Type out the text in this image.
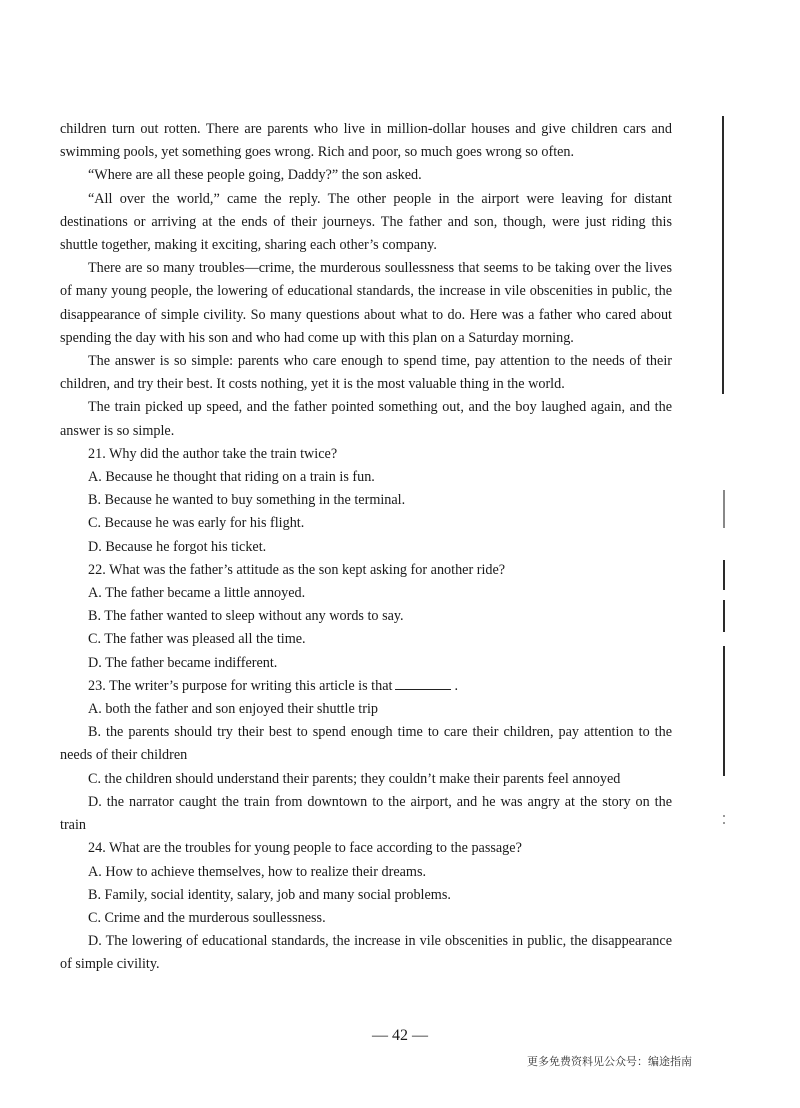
children turn out rotten. There are parents who live in million-dollar houses and give children cars and swimming pools, yet something goes wrong. Rich and poor, so much goes wrong so often.

“Where are all these people going, Daddy?” the son asked.

“All over the world,” came the reply. The other people in the airport were leaving for distant destinations or arriving at the ends of their journeys. The father and son, though, were just riding this shuttle together, making it exciting, sharing each other’s company.

There are so many troubles—crime, the murderous soullessness that seems to be taking over the lives of many young people, the lowering of educational standards, the increase in vile obscenities in public, the disappearance of simple civility. So many questions about what to do. Here was a father who cared about spending the day with his son and who had come up with this plan on a Saturday morning.

The answer is so simple: parents who care enough to spend time, pay attention to the needs of their children, and try their best. It costs nothing, yet it is the most valuable thing in the world.

The train picked up speed, and the father pointed something out, and the boy laughed again, and the answer is so simple.

21. Why did the author take the train twice?

A. Because he thought that riding on a train is fun.

B. Because he wanted to buy something in the terminal.

C. Because he was early for his flight.

D. Because he forgot his ticket.

22. What was the father’s attitude as the son kept asking for another ride?

A. The father became a little annoyed.

B. The father wanted to sleep without any words to say.

C. The father was pleased all the time.

D. The father became indifferent.

23. The writer’s purpose for writing this article is that	.

A. both the father and son enjoyed their shuttle trip

B. the parents should try their best to spend enough time to care their children, pay attention to the needs of their children

C. the children should understand their parents; they couldn’t make their parents feel annoyed

D. the narrator caught the train from downtown to the airport, and he was angry at the story on the train

24. What are the troubles for young people to face according to the passage?

A. How to achieve themselves, how to realize their dreams.

B. Family, social identity, salary, job and many social problems.

C. Crime and the murderous soullessness.

D. The lowering of educational standards, the increase in vile obscenities in public, the disappearance of simple civility.

— 42 —
更多免费资料见公众号：编途指南
